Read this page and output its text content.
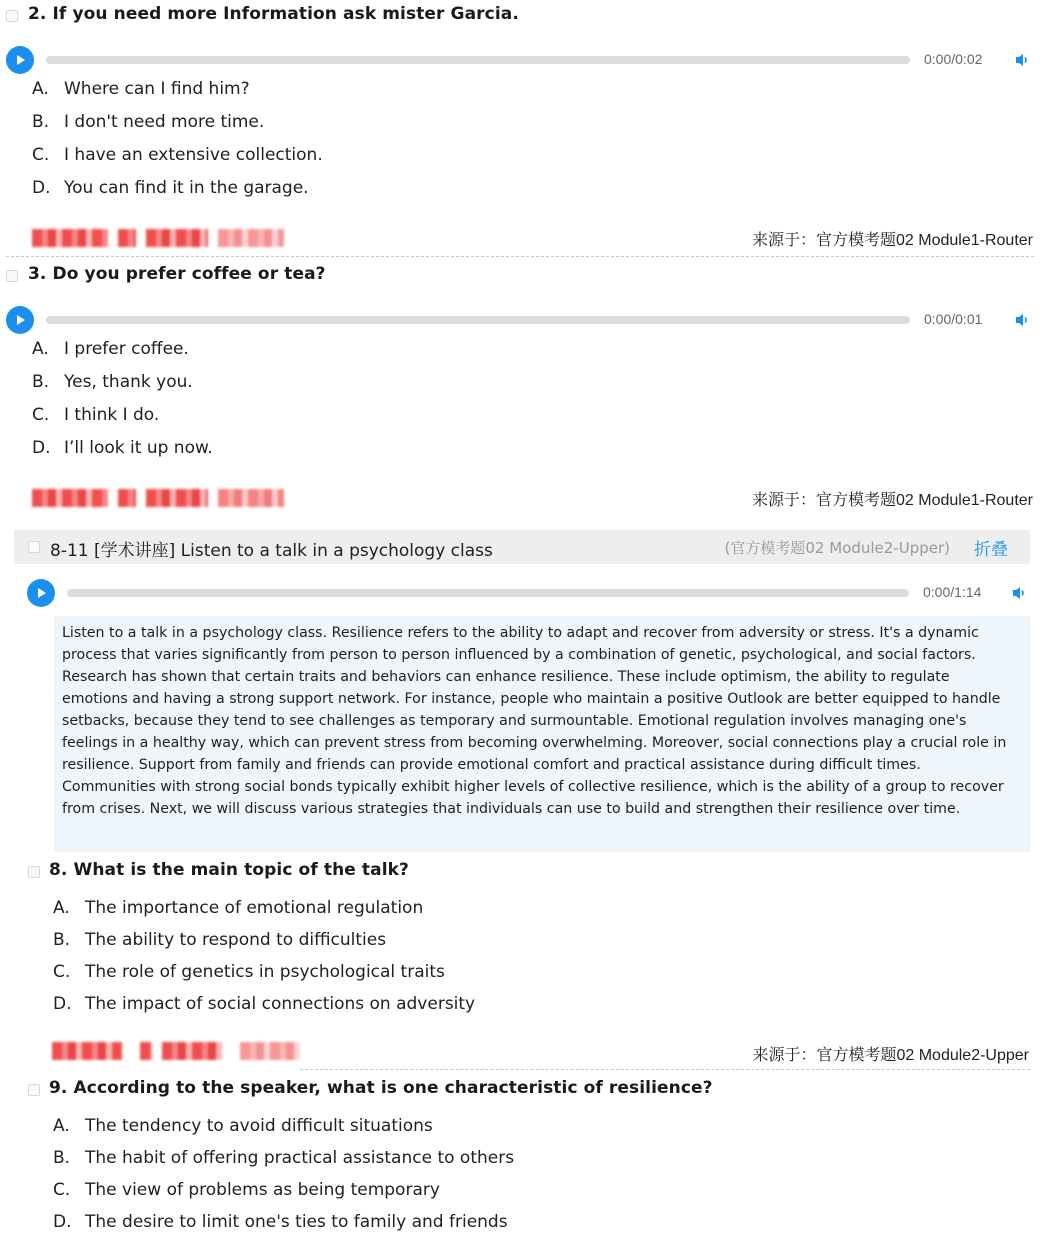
2. If you need more Information ask mister Garcia.
0:00/0:02
A. Where can I find him?
B. I don't need more time.
C. I have an extensive collection.
D. You can find it in the garage.
来源于：官方模考题02 Module1-Router
3. Do you prefer coffee or tea?
0:00/0:01
A. I prefer coffee.
B. Yes, thank you.
C. I think I do.
D. I’ll look it up now.
来源于：官方模考题02 Module1-Router
8-11 [学术讲座] Listen to a talk in a psychology class	(官方模考题02 Module2-Upper) 折叠
0:00/1:14
Listen to a talk in a psychology class. Resilience refers to the ability to adapt and recover from adversity or stress. It's a dynamic process that varies significantly from person to person influenced by a combination of genetic, psychological, and social factors. Research has shown that certain traits and behaviors can enhance resilience. These include optimism, the ability to regulate emotions and having a strong support network. For instance, people who maintain a positive Outlook are better equipped to handle setbacks, because they tend to see challenges as temporary and surmountable. Emotional regulation involves managing one's feelings in a healthy way, which can prevent stress from becoming overwhelming. Moreover, social connections play a crucial role in resilience. Support from family and friends can provide emotional comfort and practical assistance during difficult times. Communities with strong social bonds typically exhibit higher levels of collective resilience, which is the ability of a group to recover from crises. Next, we will discuss various strategies that individuals can use to build and strengthen their resilience over time.
8. What is the main topic of the talk?
A. The importance of emotional regulation
B. The ability to respond to difficulties
C. The role of genetics in psychological traits
D. The impact of social connections on adversity
来源于：官方模考题02 Module2-Upper
9. According to the speaker, what is one characteristic of resilience?
A. The tendency to avoid difficult situations
B. The habit of offering practical assistance to others
C. The view of problems as being temporary
D. The desire to limit one's ties to family and friends
